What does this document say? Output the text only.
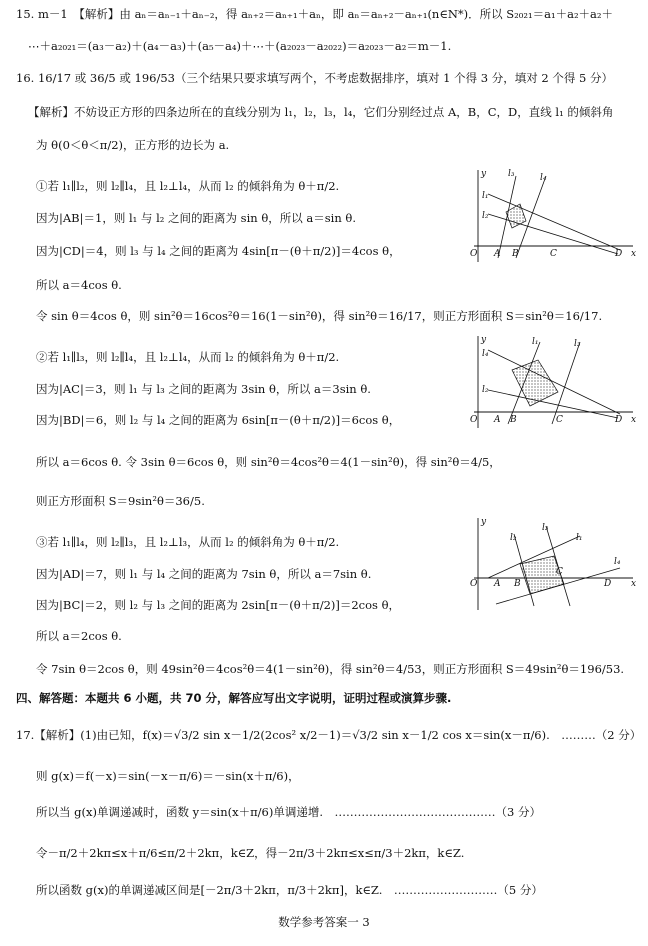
15. m－1　【解析】由 aₙ＝aₙ₋₁＋aₙ₋₂，得 aₙ₊₂＝aₙ₊₁＋aₙ，即 aₙ＝aₙ₊₂－aₙ₊₁(n∈N*)．所以 S₂₀₂₁＝a₁＋a₂＋a₂＋
⋯＋a₂₀₂₁＝(a₃－a₂)＋(a₄－a₃)＋(a₅－a₄)＋⋯＋(a₂₀₂₃－a₂₀₂₂)＝a₂₀₂₃－a₂＝m－1.
16. 16/17 或 36/5 或 196/53（三个结果只要求填写两个，不考虑数据排序，填对 1 个得 3 分，填对 2 个得 5 分）
【解析】不妨设正方形的四条边所在的直线分别为 l₁，l₂，l₃，l₄，它们分别经过点 A，B，C，D，直线 l₁ 的倾斜角
为 θ(0＜θ＜π/2)，正方形的边长为 a.
①若 l₁∥l₂，则 l₂∥l₄，且 l₂⊥l₄，从而 l₂ 的倾斜角为 θ＋π/2.
因为|AB|＝1，则 l₁ 与 l₂ 之间的距离为 sin θ，所以 a＝sin θ.
因为|CD|＝4，则 l₃ 与 l₄ 之间的距离为 4sin[π－(θ＋π/2)]＝4cos θ，
所以 a＝4cos θ.
令 sin θ＝4cos θ，则 sin²θ＝16cos²θ＝16(1－sin²θ)，得 sin²θ＝16/17，则正方形面积 S＝sin²θ＝16/17.
②若 l₁∥l₃，则 l₂∥l₄，且 l₂⊥l₄，从而 l₂ 的倾斜角为 θ＋π/2.
因为|AC|＝3，则 l₁ 与 l₃ 之间的距离为 3sin θ，所以 a＝3sin θ.
因为|BD|＝6，则 l₂ 与 l₄ 之间的距离为 6sin[π－(θ＋π/2)]＝6cos θ，
所以 a＝6cos θ. 令 3sin θ＝6cos θ，则 sin²θ＝4cos²θ＝4(1－sin²θ)，得 sin²θ＝4/5，
则正方形面积 S＝9sin²θ＝36/5.
③若 l₁∥l₄，则 l₂∥l₃，且 l₂⊥l₃，从而 l₂ 的倾斜角为 θ＋π/2.
因为|AD|＝7，则 l₁ 与 l₄ 之间的距离为 7sin θ，所以 a＝7sin θ.
因为|BC|＝2，则 l₂ 与 l₃ 之间的距离为 2sin[π－(θ＋π/2)]＝2cos θ，
所以 a＝2cos θ.
令 7sin θ＝2cos θ，则 49sin²θ＝4cos²θ＝4(1－sin²θ)，得 sin²θ＝4/53，则正方形面积 S＝49sin²θ＝196/53.
四、解答题：本题共 6 小题，共 70 分，解答应写出文字说明，证明过程或演算步骤.
17.【解析】(1)由已知，f(x)＝√3/2 sin x－1/2(2cos² x/2－1)＝√3/2 sin x－1/2 cos x＝sin(x－π/6).　………（2 分）
则 g(x)＝f(－x)＝sin(－x－π/6)＝－sin(x＋π/6)，
所以当 g(x)单调递减时，函数 y＝sin(x＋π/6)单调递增.　……………………………………（3 分）
令－π/2＋2kπ≤x＋π/6≤π/2＋2kπ，k∈Z，得－2π/3＋2kπ≤x≤π/3＋2kπ，k∈Z.
所以函数 g(x)的单调递减区间是[－2π/3＋2kπ，π/3＋2kπ]，k∈Z.　………………………（5 分）
O A B	C	D x
y
l₁
l₂
l₃	l₄
O A B	C	D x
y
l₄
l₂
l₁	l₃
O A B
C
D x
y
l₁
l₂
l₃
l₄
数学参考答案一 3
